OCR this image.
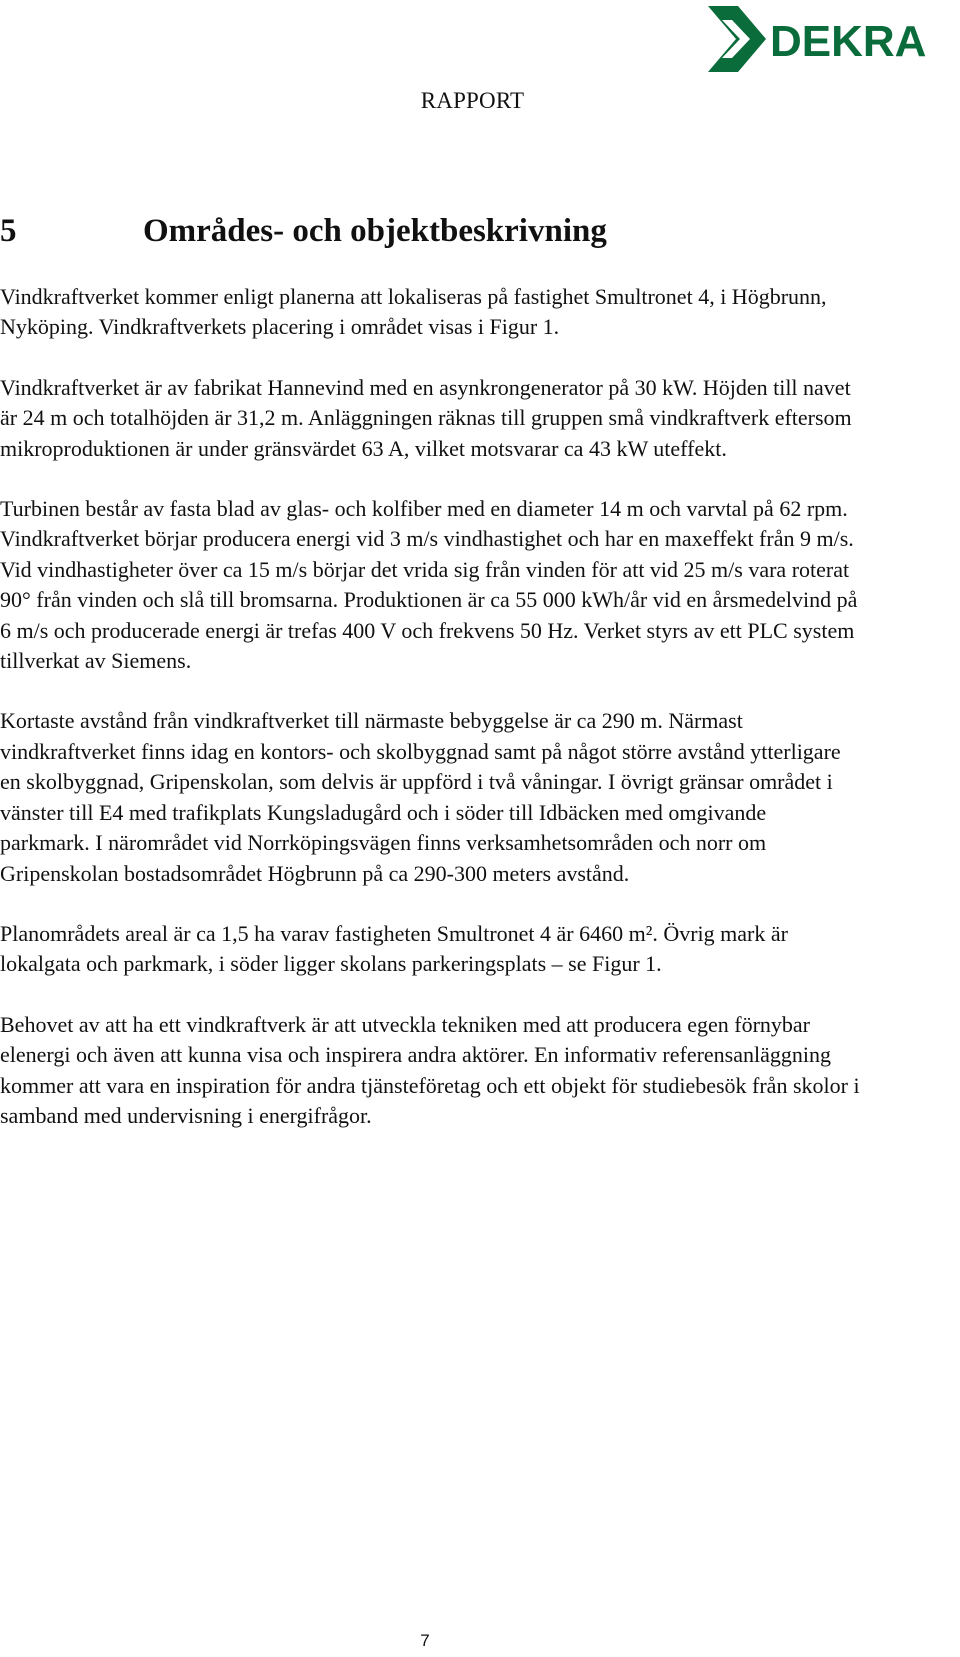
DEKRA
RAPPORT
5	Områdes- och objektbeskrivning

Vindkraftverket kommer enligt planerna att lokaliseras på fastighet Smultronet 4, i Högbrunn, Nyköping. Vindkraftverkets placering i området visas i Figur 1.

Vindkraftverket är av fabrikat Hannevind med en asynkrongenerator på 30 kW. Höjden till navet är 24 m och totalhöjden är 31,2 m. Anläggningen räknas till gruppen små vindkraftverk eftersom mikroproduktionen är under gränsvärdet 63 A, vilket motsvarar ca 43 kW uteffekt.

Turbinen består av fasta blad av glas- och kolfiber med en diameter 14 m och varvtal på 62 rpm. Vindkraftverket börjar producera energi vid 3 m/s vindhastighet och har en maxeffekt från 9 m/s. Vid vindhastigheter över ca 15 m/s börjar det vrida sig från vinden för att vid 25 m/s vara roterat 90° från vinden och slå till bromsarna. Produktionen är ca 55 000 kWh/år vid en årsmedelvind på 6 m/s och producerade energi är trefas 400 V och frekvens 50 Hz. Verket styrs av ett PLC system tillverkat av Siemens.

Kortaste avstånd från vindkraftverket till närmaste bebyggelse är ca 290 m. Närmast vindkraftverket finns idag en kontors- och skolbyggnad samt på något större avstånd ytterligare en skolbyggnad, Gripenskolan, som delvis är uppförd i två våningar. I övrigt gränsar området i vänster till E4 med trafikplats Kungsladugård och i söder till Idbäcken med omgivande parkmark. I närområdet vid Norrköpingsvägen finns verksamhetsområden och norr om Gripenskolan bostadsområdet Högbrunn på ca 290-300 meters avstånd.

Planområdets areal är ca 1,5 ha varav fastigheten Smultronet 4 är 6460 m². Övrig mark är lokalgata och parkmark, i söder ligger skolans parkeringsplats – se Figur 1.

Behovet av att ha ett vindkraftverk är att utveckla tekniken med att producera egen förnybar elenergi och även att kunna visa och inspirera andra aktörer. En informativ referensanläggning kommer att vara en inspiration för andra tjänsteföretag och ett objekt för studiebesök från skolor i samband med undervisning i energifrågor.

7
